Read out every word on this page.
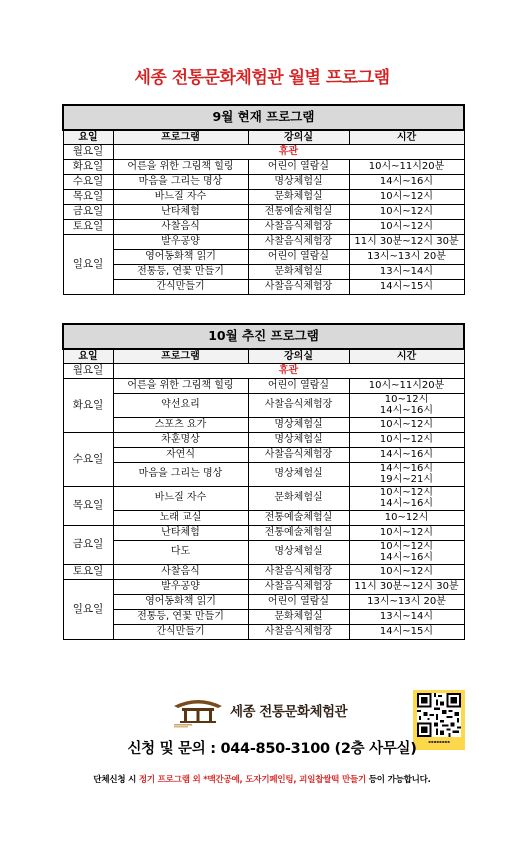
세종 전통문화체험관 월별 프로그램
9월 현재 프로그램			
요일	프로그램	강의실	시간
월요일	휴관		
화요일	어른을 위한 그림책 힐링	어린이 열람실	10시~11시20분
수요일	마음을 그리는 명상	명상체험실	14시~16시
목요일	바느질 자수	문화체험실	10시~12시
금요일	난타체험	전통예술체험실	10시~12시
토요일	사찰음식	사찰음식체험장	10시~12시
일요일	발우공양	사찰음식체험장	11시 30분~12시 30분
	영어동화책 읽기	어린이 열람실	13시~13시 20분
	전통등, 연꽃 만들기	문화체험실	13시~14시
	간식만들기	사찰음식체험장	14시~15시
10월 추진 프로그램			
요일	프로그램	강의실	시간
월요일	휴관		
화요일	어른을 위한 그림책 힐링	어린이 열람실	10시~11시20분
	약선요리	사찰음식체험장	10~12시
14시~16시

	스포츠 요가	명상체험실	10시~12시
수요일	차훈명상	명상체험실	10시~12시
	자연식	사찰음식체험장	14시~16시
	마음을 그리는 명상	명상체험실	14시~16시
19시~21시

목요일	바느질 자수	문화체험실	10시~12시
14시~16시

	노래 교실	전통예술체험실	10~12시
금요일	난타체험	전통예술체험실	10시~12시
	다도	명상체험실	10시~12시
14시~16시

토요일	사찰음식	사찰음식체험장	10시~12시
일요일	발우공양	사찰음식체험장	11시 30분~12시 30분
	영어동화책 읽기	어린이 열람실	13시~13시 20분
	전통등, 연꽃 만들기	문화체험실	13시~14시
	간식만들기	사찰음식체험장	14시~15시
세종 전통문화체험관
▪▪▪▪▪▪▪▪
신청 및 문의 : 044-850-3100 (2층 사무실)
단체신청 시 정기 프로그램 외 *맥간공예, 도자기페인팅, 괴일찹쌀떡 만들기 등이 가능합니다.
